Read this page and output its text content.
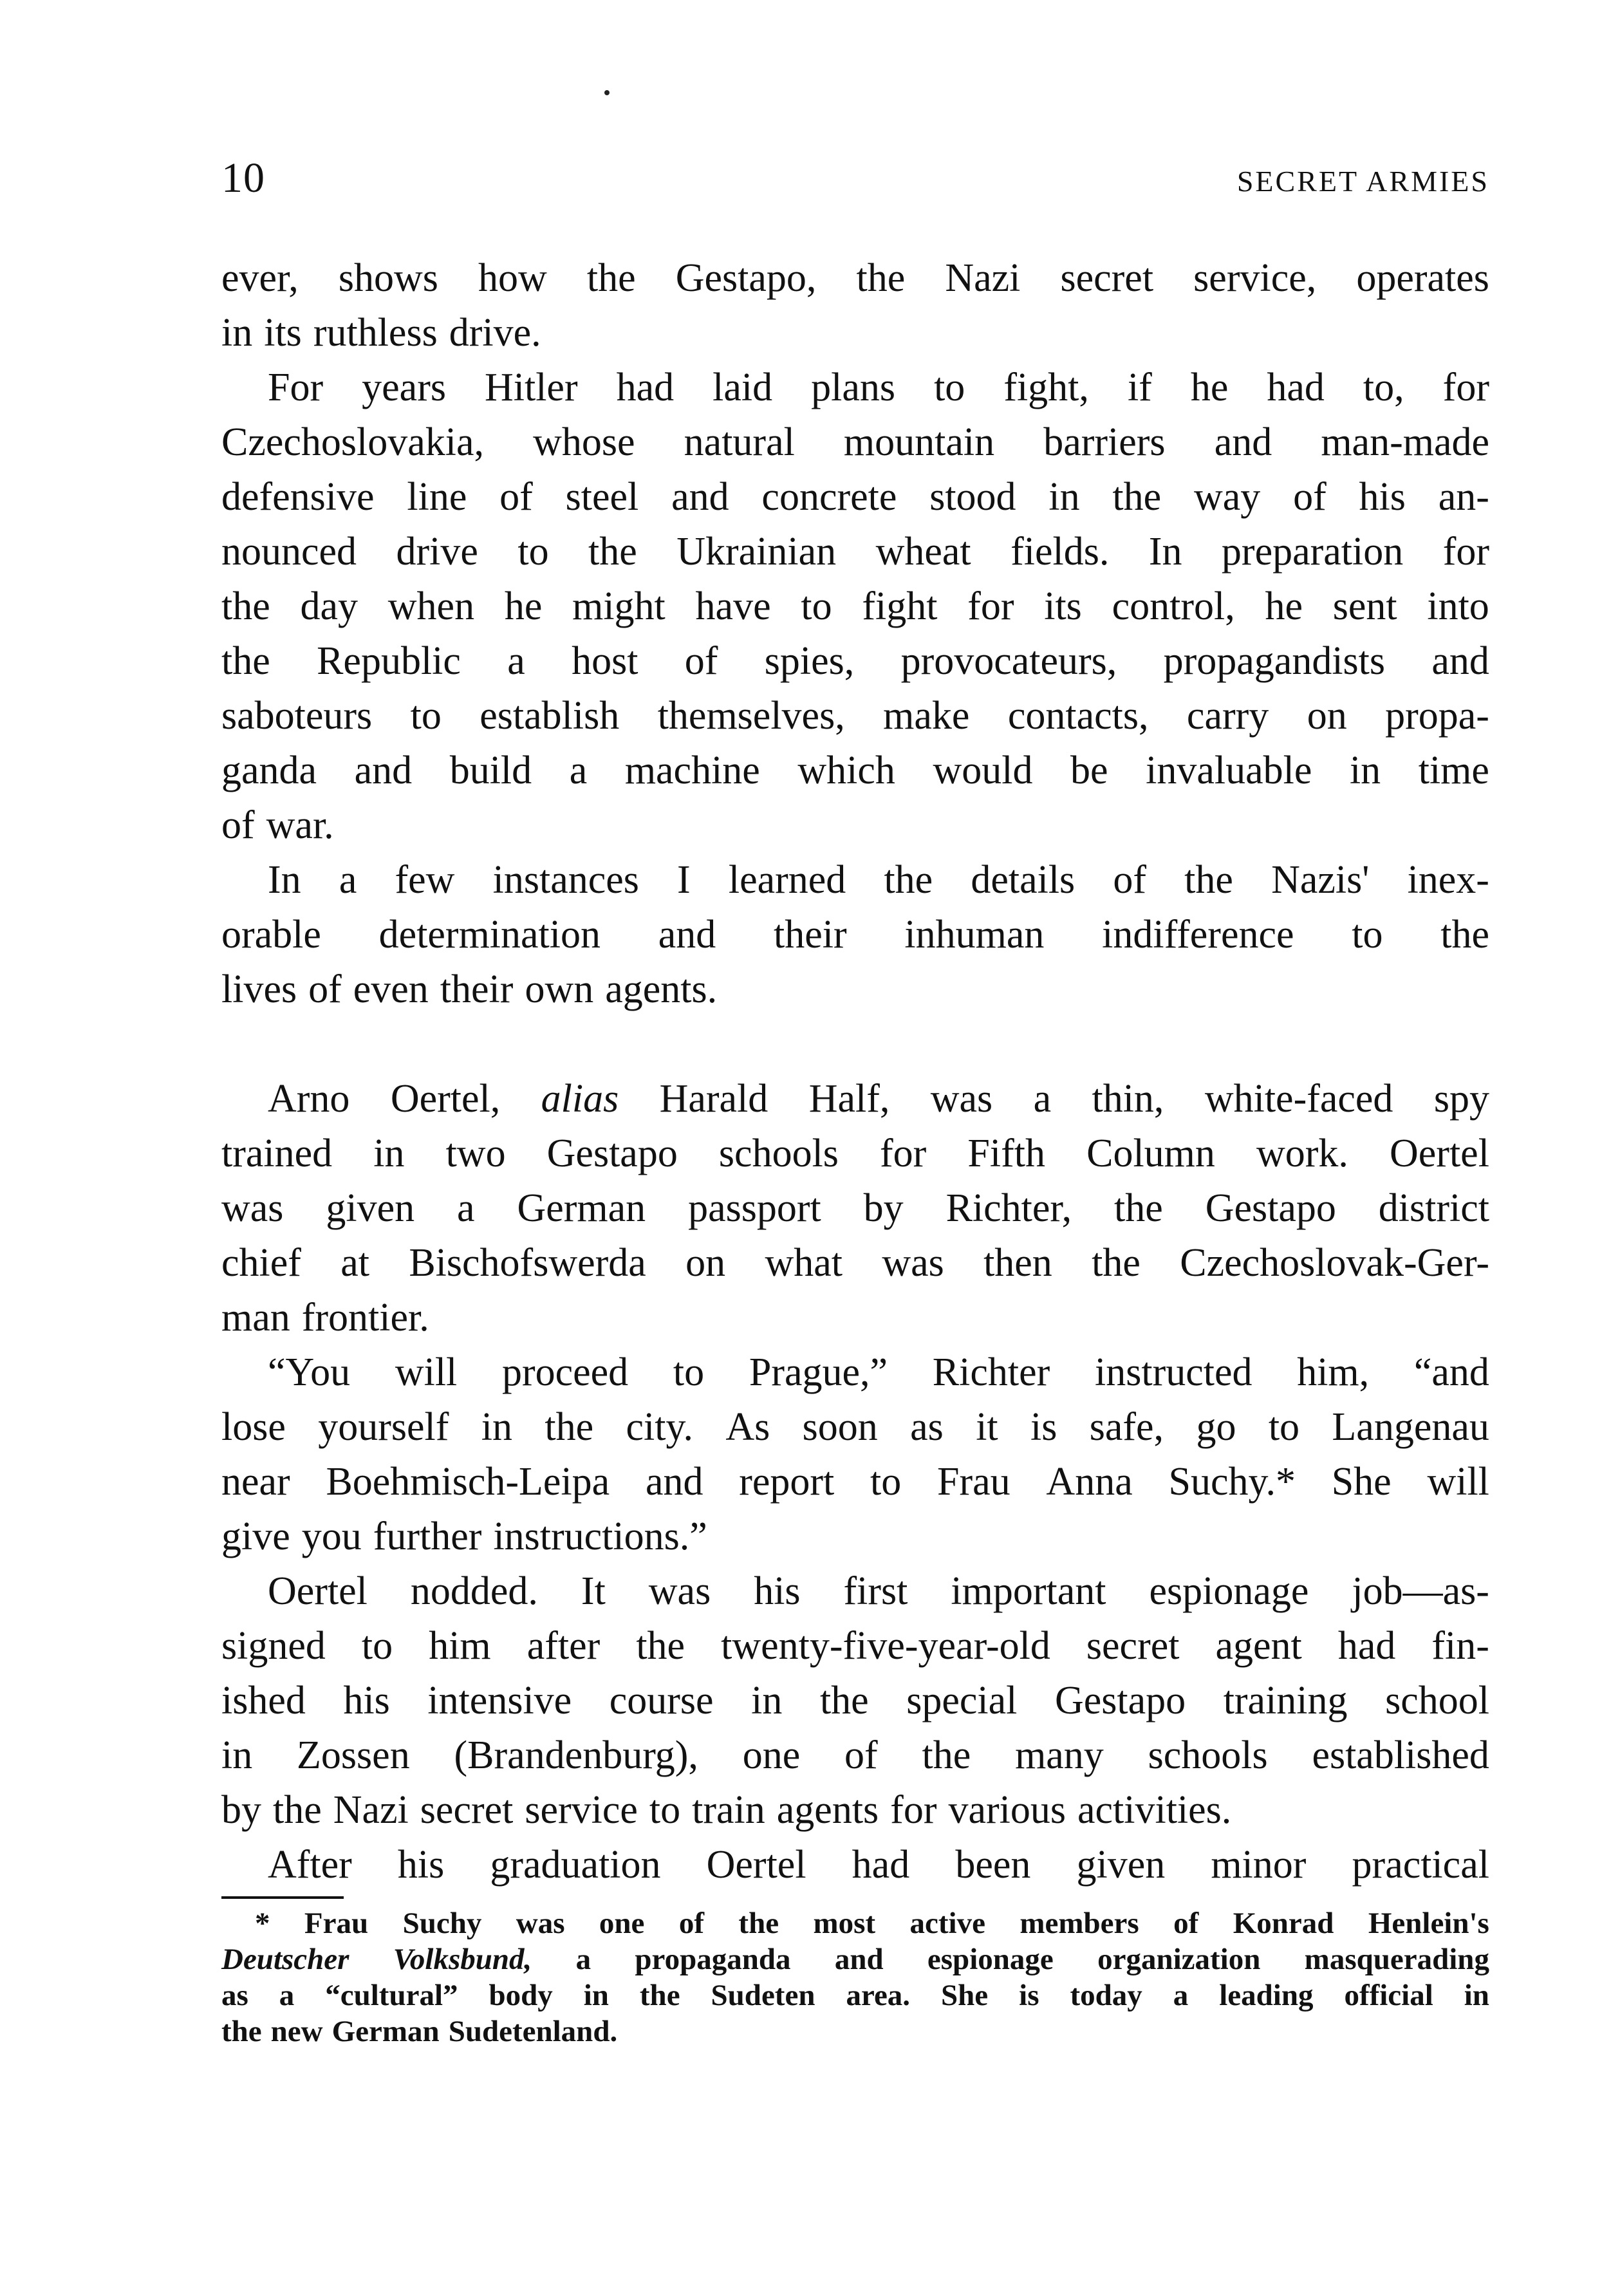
10	SECRET ARMIES
ever, shows how the Gestapo, the Nazi secret service, operates
in its ruthless drive.
For years Hitler had laid plans to fight, if he had to, for
Czechoslovakia, whose natural mountain barriers and man-made
defensive line of steel and concrete stood in the way of his an-
nounced drive to the Ukrainian wheat fields. In preparation for
the day when he might have to fight for its control, he sent into
the Republic a host of spies, provocateurs, propagandists and
saboteurs to establish themselves, make contacts, carry on propa-
ganda and build a machine which would be invaluable in time
of war.
In a few instances I learned the details of the Nazis' inex-
orable determination and their inhuman indifference to the
lives of even their own agents.
Arno Oertel, alias Harald Half, was a thin, white-faced spy
trained in two Gestapo schools for Fifth Column work. Oertel
was given a German passport by Richter, the Gestapo district
chief at Bischofswerda on what was then the Czechoslovak-Ger-
man frontier.
“You will proceed to Prague,” Richter instructed him, “and
lose yourself in the city. As soon as it is safe, go to Langenau
near Boehmisch-Leipa and report to Frau Anna Suchy.* She will
give you further instructions.”
Oertel nodded. It was his first important espionage job—as-
signed to him after the twenty-five-year-old secret agent had fin-
ished his intensive course in the special Gestapo training school
in Zossen (Brandenburg), one of the many schools established
by the Nazi secret service to train agents for various activities.
After his graduation Oertel had been given minor practical
* Frau Suchy was one of the most active members of Konrad Henlein's
Deutscher Volksbund, a propaganda and espionage organization masquerading
as a “cultural” body in the Sudeten area. She is today a leading official in
the new German Sudetenland.
